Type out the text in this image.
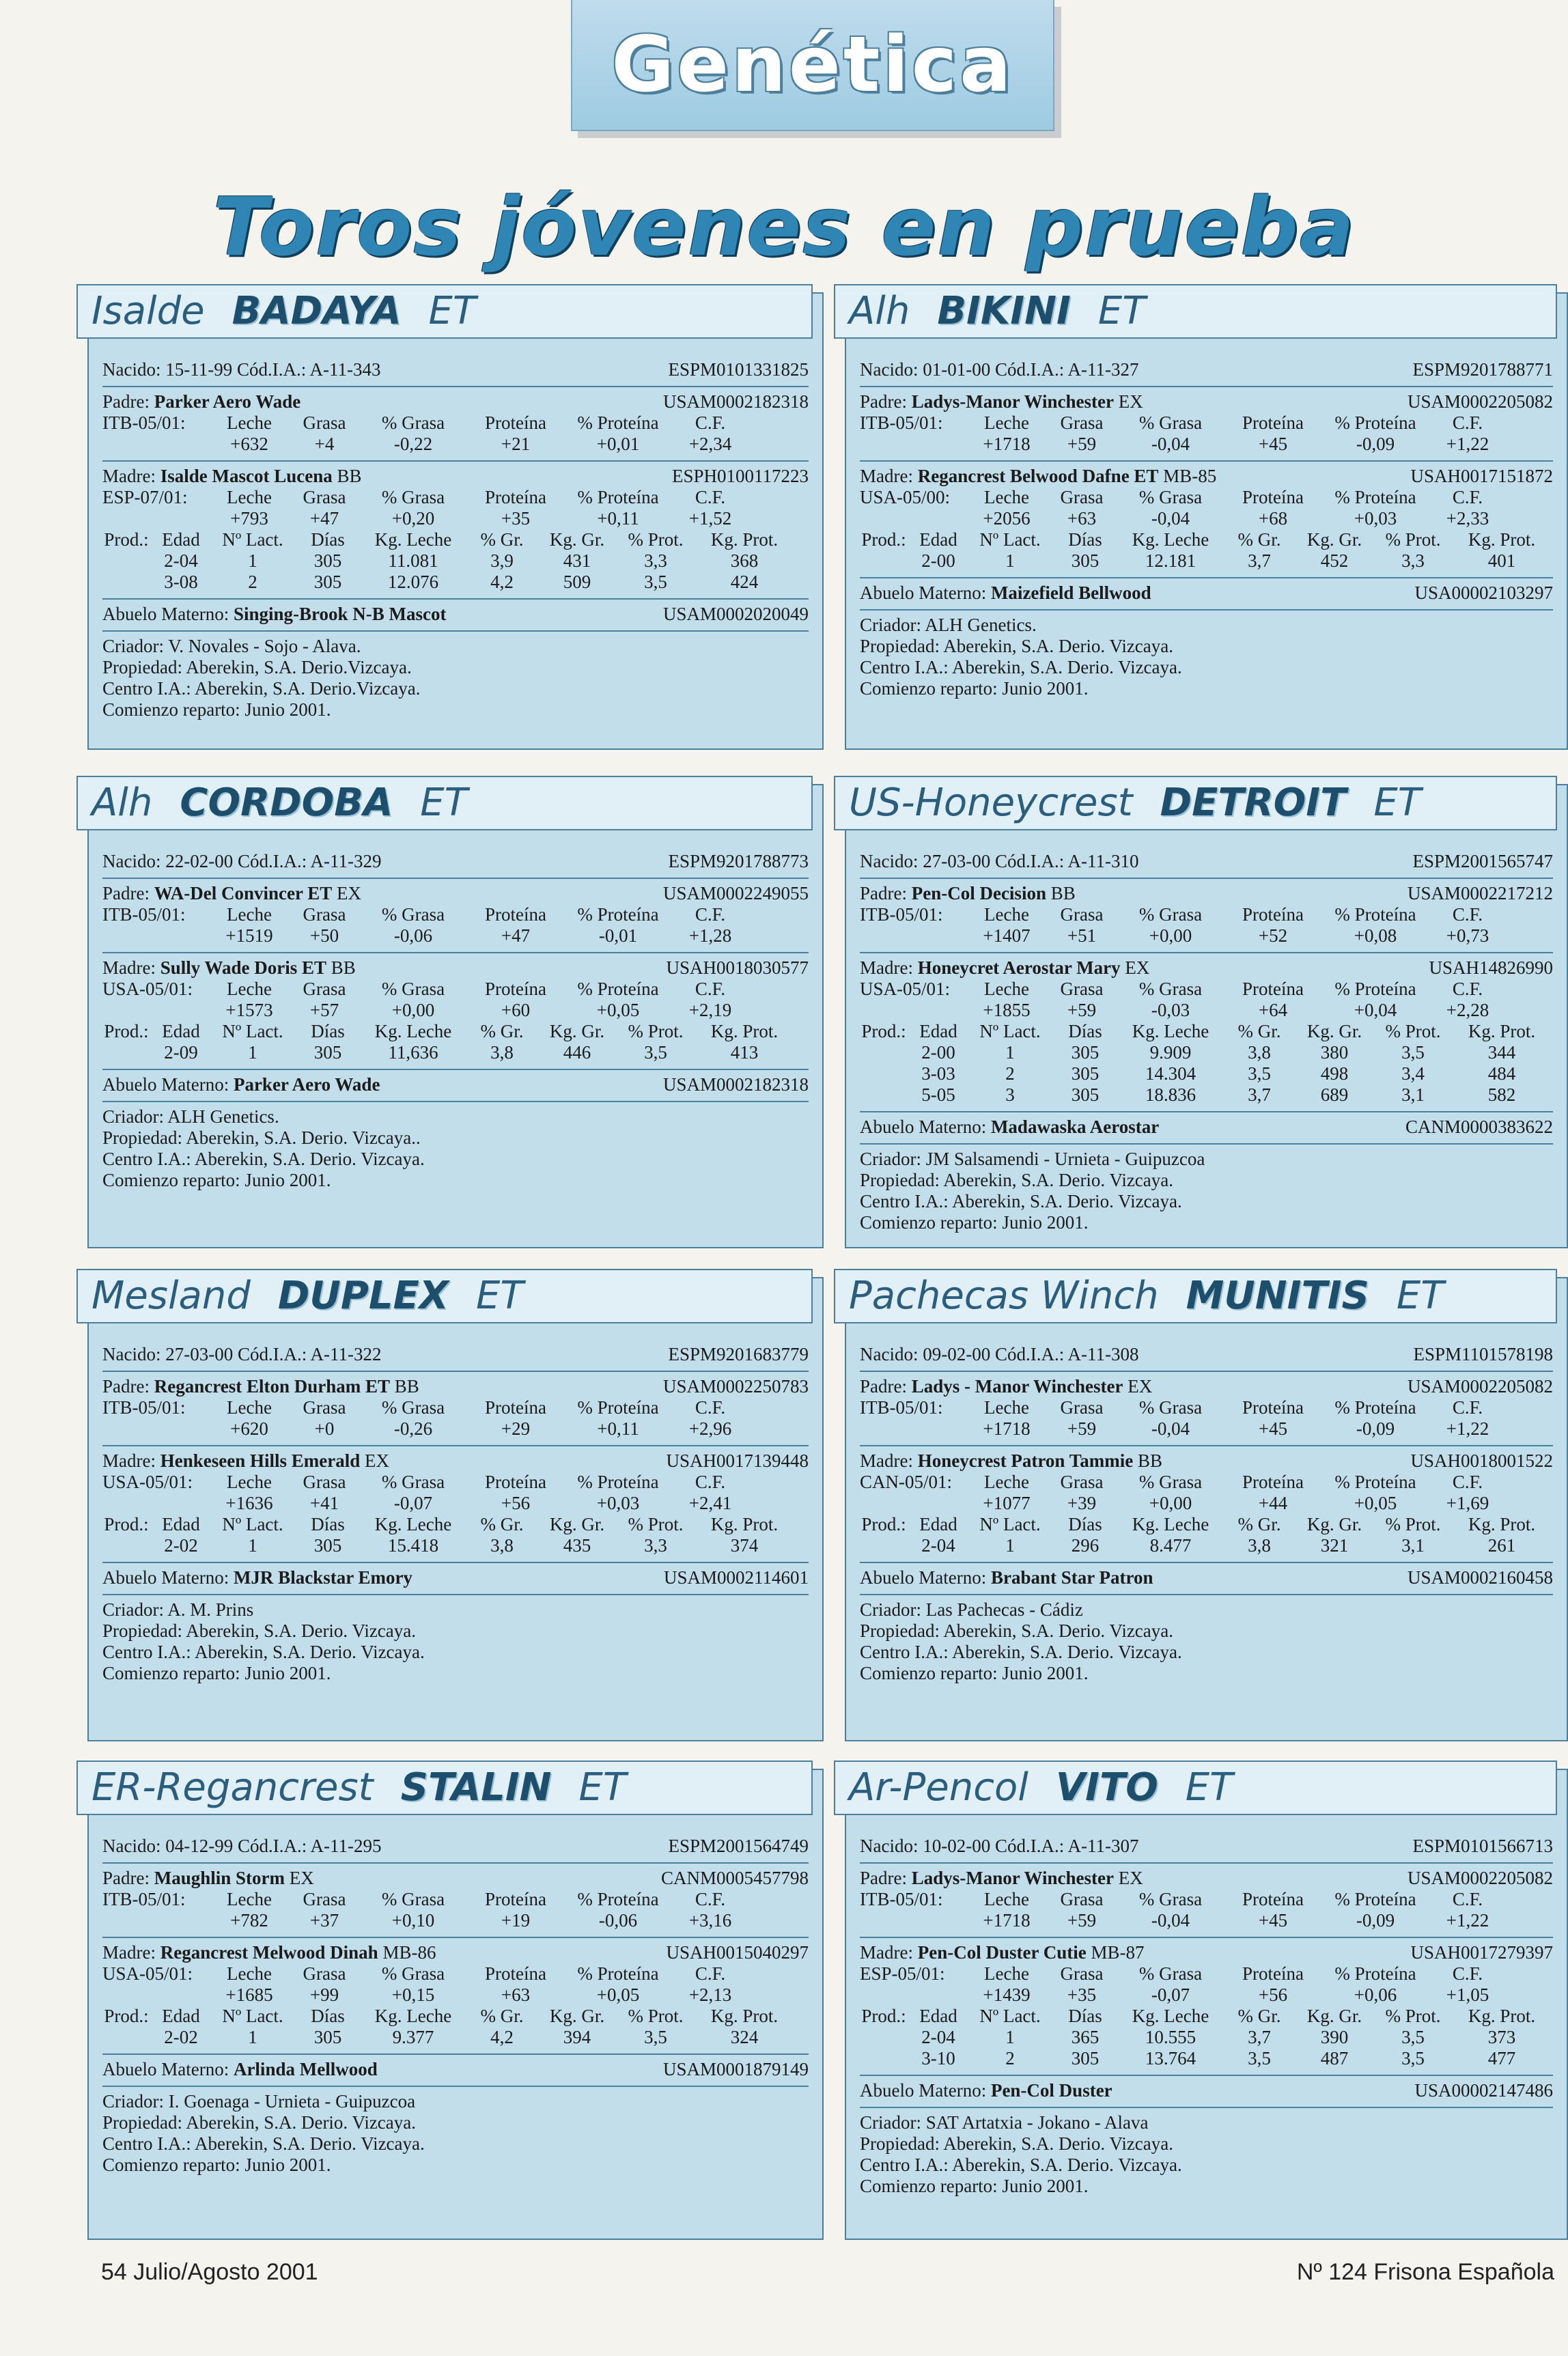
Genética
Toros jóvenes en prueba
Isalde BADAYA ET
Nacido: 15-11-99 Cód.I.A.: A-11-343	ESPM0101331825
Padre: Parker Aero Wade	USAM0002182318
ITB-05/01:	Leche	Grasa	% Grasa	Proteína	% Proteína	C.F.
+632	+4	-0,22	+21	+0,01	+2,34
Madre: Isalde Mascot Lucena BB	ESPH0100117223
ESP-07/01:	Leche	Grasa	% Grasa	Proteína	% Proteína	C.F.
+793	+47	+0,20	+35	+0,11	+1,52
Prod.: Edad	Nº Lact.	Días	Kg. Leche	% Gr.	Kg. Gr.	% Prot.	Kg. Prot.
2-04	1	305	11.081	3,9	431	3,3	368
3-08	2	305	12.076	4,2	509	3,5	424
Abuelo Materno: Singing-Brook N-B Mascot	USAM0002020049
Criador: V. Novales - Sojo - Alava.
Propiedad: Aberekin, S.A. Derio.Vizcaya.
Centro I.A.: Aberekin, S.A. Derio.Vizcaya.
Comienzo reparto: Junio 2001.
Alh BIKINI ET
Nacido: 01-01-00 Cód.I.A.: A-11-327	ESPM9201788771
Padre: Ladys-Manor Winchester EX	USAM0002205082
ITB-05/01:	Leche	Grasa	% Grasa	Proteína	% Proteína	C.F.
+1718	+59	-0,04	+45	-0,09	+1,22
Madre: Regancrest Belwood Dafne ET MB-85	USAH0017151872
USA-05/00:	Leche	Grasa	% Grasa	Proteína	% Proteína	C.F.
+2056	+63	-0,04	+68	+0,03	+2,33
Prod.: Edad	Nº Lact.	Días	Kg. Leche	% Gr.	Kg. Gr.	% Prot.	Kg. Prot.
2-00	1	305	12.181	3,7	452	3,3	401
Abuelo Materno: Maizefield Bellwood	USA00002103297
Criador: ALH Genetics.
Propiedad: Aberekin, S.A. Derio. Vizcaya.
Centro I.A.: Aberekin, S.A. Derio. Vizcaya.
Comienzo reparto: Junio 2001.
Alh CORDOBA ET
Nacido: 22-02-00 Cód.I.A.: A-11-329	ESPM9201788773
Padre: WA-Del Convincer ET EX	USAM0002249055
ITB-05/01:	Leche	Grasa	% Grasa	Proteína	% Proteína	C.F.
+1519	+50	-0,06	+47	-0,01	+1,28
Madre: Sully Wade Doris ET BB	USAH0018030577
USA-05/01:	Leche	Grasa	% Grasa	Proteína	% Proteína	C.F.
+1573	+57	+0,00	+60	+0,05	+2,19
Prod.: Edad	Nº Lact.	Días	Kg. Leche	% Gr.	Kg. Gr.	% Prot.	Kg. Prot.
2-09	1	305	11,636	3,8	446	3,5	413
Abuelo Materno: Parker Aero Wade	USAM0002182318
Criador: ALH Genetics.
Propiedad: Aberekin, S.A. Derio. Vizcaya..
Centro I.A.: Aberekin, S.A. Derio. Vizcaya.
Comienzo reparto: Junio 2001.
US-Honeycrest DETROIT ET
Nacido: 27-03-00 Cód.I.A.: A-11-310	ESPM2001565747
Padre: Pen-Col Decision BB	USAM0002217212
ITB-05/01:	Leche	Grasa	% Grasa	Proteína	% Proteína	C.F.
+1407	+51	+0,00	+52	+0,08	+0,73
Madre: Honeycret Aerostar Mary EX	USAH14826990
USA-05/01:	Leche	Grasa	% Grasa	Proteína	% Proteína	C.F.
+1855	+59	-0,03	+64	+0,04	+2,28
Prod.: Edad	Nº Lact.	Días	Kg. Leche	% Gr.	Kg. Gr.	% Prot.	Kg. Prot.
2-00	1	305	9.909	3,8	380	3,5	344
3-03	2	305	14.304	3,5	498	3,4	484
5-05	3	305	18.836	3,7	689	3,1	582
Abuelo Materno: Madawaska Aerostar	CANM0000383622
Criador: JM Salsamendi - Urnieta - Guipuzcoa
Propiedad: Aberekin, S.A. Derio. Vizcaya.
Centro I.A.: Aberekin, S.A. Derio. Vizcaya.
Comienzo reparto: Junio 2001.
Mesland DUPLEX ET
Nacido: 27-03-00 Cód.I.A.: A-11-322	ESPM9201683779
Padre: Regancrest Elton Durham ET BB	USAM0002250783
ITB-05/01:	Leche	Grasa	% Grasa	Proteína	% Proteína	C.F.
+620	+0	-0,26	+29	+0,11	+2,96
Madre: Henkeseen Hills Emerald EX	USAH0017139448
USA-05/01:	Leche	Grasa	% Grasa	Proteína	% Proteína	C.F.
+1636	+41	-0,07	+56	+0,03	+2,41
Prod.: Edad	Nº Lact.	Días	Kg. Leche	% Gr.	Kg. Gr.	% Prot.	Kg. Prot.
2-02	1	305	15.418	3,8	435	3,3	374
Abuelo Materno: MJR Blackstar Emory	USAM0002114601
Criador: A. M. Prins
Propiedad: Aberekin, S.A. Derio. Vizcaya.
Centro I.A.: Aberekin, S.A. Derio. Vizcaya.
Comienzo reparto: Junio 2001.
Pachecas Winch MUNITIS ET
Nacido: 09-02-00 Cód.I.A.: A-11-308	ESPM1101578198
Padre: Ladys - Manor Winchester EX	USAM0002205082
ITB-05/01:	Leche	Grasa	% Grasa	Proteína	% Proteína	C.F.
+1718	+59	-0,04	+45	-0,09	+1,22
Madre: Honeycrest Patron Tammie BB	USAH0018001522
CAN-05/01:	Leche	Grasa	% Grasa	Proteína	% Proteína	C.F.
+1077	+39	+0,00	+44	+0,05	+1,69
Prod.: Edad	Nº Lact.	Días	Kg. Leche	% Gr.	Kg. Gr.	% Prot.	Kg. Prot.
2-04	1	296	8.477	3,8	321	3,1	261
Abuelo Materno: Brabant Star Patron	USAM0002160458
Criador: Las Pachecas - Cádiz
Propiedad: Aberekin, S.A. Derio. Vizcaya.
Centro I.A.: Aberekin, S.A. Derio. Vizcaya.
Comienzo reparto: Junio 2001.
ER-Regancrest STALIN ET
Nacido: 04-12-99 Cód.I.A.: A-11-295	ESPM2001564749
Padre: Maughlin Storm EX	CANM0005457798
ITB-05/01:	Leche	Grasa	% Grasa	Proteína	% Proteína	C.F.
+782	+37	+0,10	+19	-0,06	+3,16
Madre: Regancrest Melwood Dinah MB-86	USAH0015040297
USA-05/01:	Leche	Grasa	% Grasa	Proteína	% Proteína	C.F.
+1685	+99	+0,15	+63	+0,05	+2,13
Prod.: Edad	Nº Lact.	Días	Kg. Leche	% Gr.	Kg. Gr.	% Prot.	Kg. Prot.
2-02	1	305	9.377	4,2	394	3,5	324
Abuelo Materno: Arlinda Mellwood	USAM0001879149
Criador: I. Goenaga - Urnieta - Guipuzcoa
Propiedad: Aberekin, S.A. Derio. Vizcaya.
Centro I.A.: Aberekin, S.A. Derio. Vizcaya.
Comienzo reparto: Junio 2001.
Ar-Pencol VITO ET
Nacido: 10-02-00 Cód.I.A.: A-11-307	ESPM0101566713
Padre: Ladys-Manor Winchester EX	USAM0002205082
ITB-05/01:	Leche	Grasa	% Grasa	Proteína	% Proteína	C.F.
+1718	+59	-0,04	+45	-0,09	+1,22
Madre: Pen-Col Duster Cutie MB-87	USAH0017279397
ESP-05/01:	Leche	Grasa	% Grasa	Proteína	% Proteína	C.F.
+1439	+35	-0,07	+56	+0,06	+1,05
Prod.: Edad	Nº Lact.	Días	Kg. Leche	% Gr.	Kg. Gr.	% Prot.	Kg. Prot.
2-04	1	365	10.555	3,7	390	3,5	373
3-10	2	305	13.764	3,5	487	3,5	477
Abuelo Materno: Pen-Col Duster	USA00002147486
Criador: SAT Artatxia - Jokano - Alava
Propiedad: Aberekin, S.A. Derio. Vizcaya.
Centro I.A.: Aberekin, S.A. Derio. Vizcaya.
Comienzo reparto: Junio 2001.
54 Julio/Agosto 2001	Nº 124 Frisona Española
